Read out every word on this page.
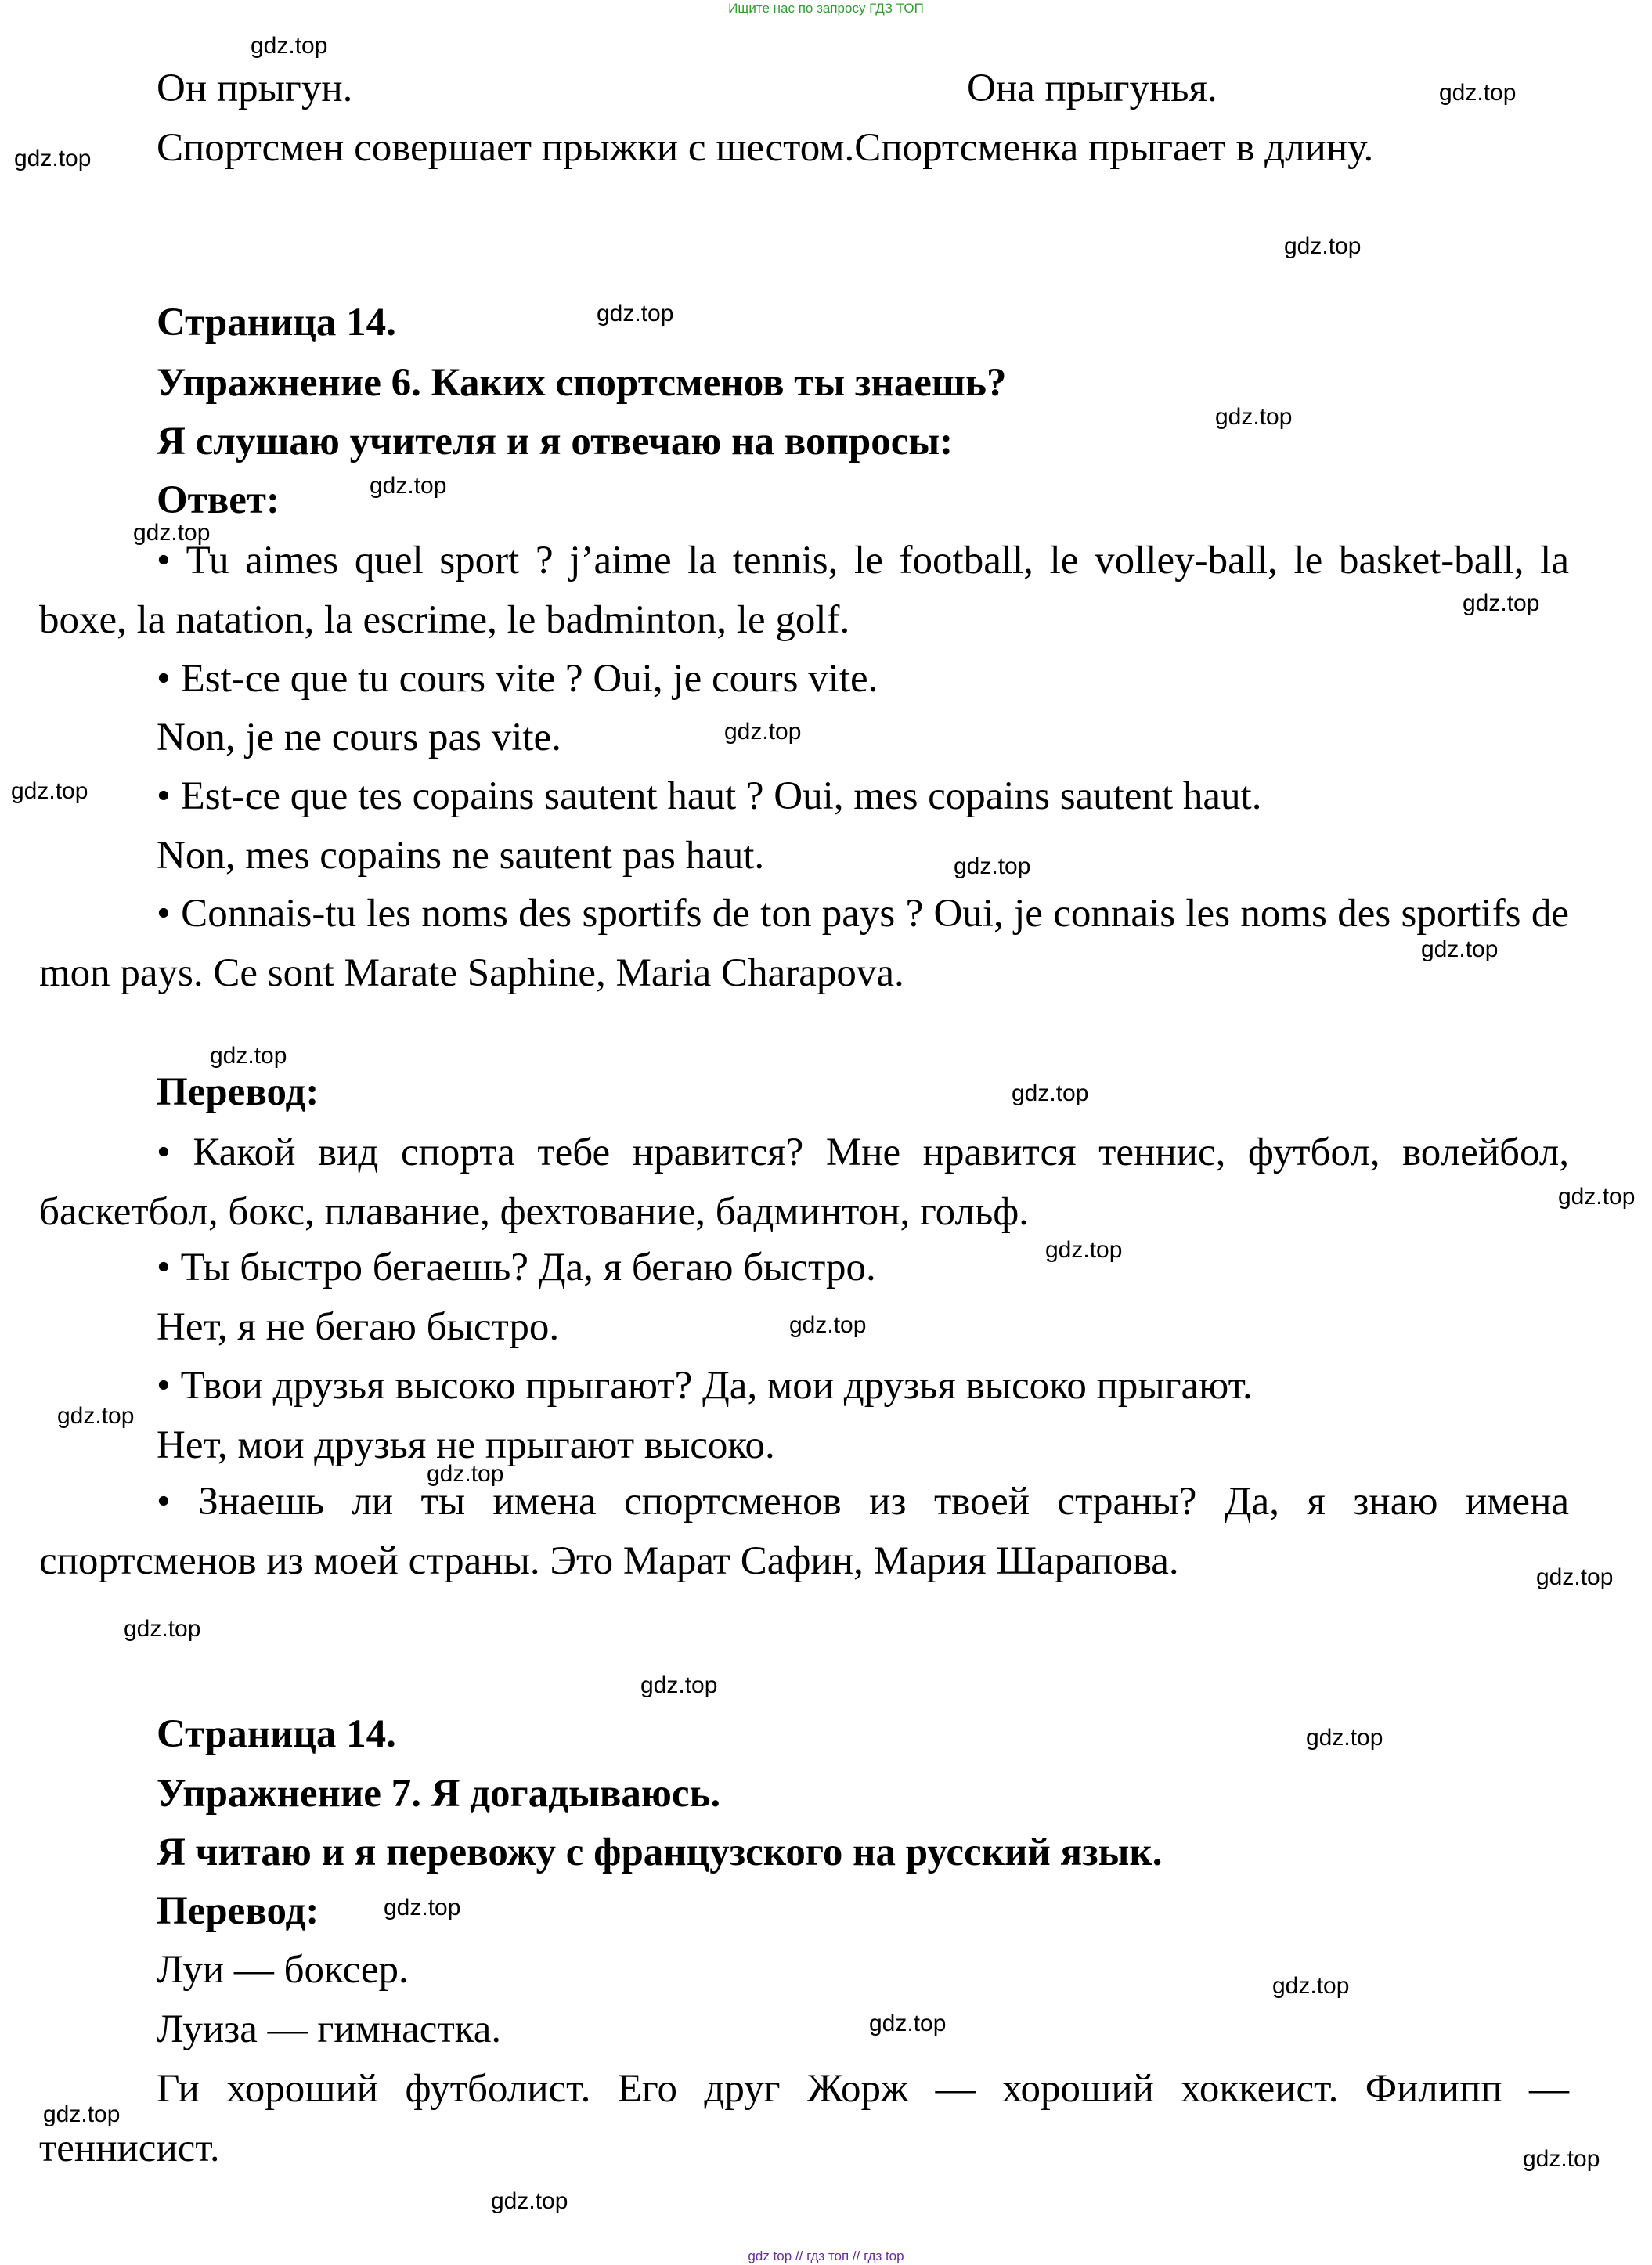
Ищите нас по запросу ГДЗ ТОП
Он прыгун.	Она прыгунья.
Спортсмен совершает прыжки с шестом.Спортсменка прыгает в длину.
Страница 14.
Упражнение 6. Каких спортсменов ты знаешь?
Я слушаю учителя и я отвечаю на вопросы:
Ответ:
• Tu aimes quel sport ? j’aime la tennis, le football, le volley-ball, le basket-ball, la boxe, la natation, la escrime, le badminton, le golf.
• Est-ce que tu cours vite ? Oui, je cours vite.
Non, je ne cours pas vite.
• Est-ce que tes copains sautent haut ? Oui, mes copains sautent haut.
Non, mes copains ne sautent pas haut.
• Connais-tu les noms des sportifs de ton pays ? Oui, je connais les noms des sportifs de mon pays. Ce sont Marate Saphine, Maria Charapova.
Перевод:
• Какой вид спорта тебе нравится? Мне нравится теннис, футбол, волейбол, баскетбол, бокс, плавание, фехтование, бадминтон, гольф.
• Ты быстро бегаешь? Да, я бегаю быстро.
Нет, я не бегаю быстро.
• Твои друзья высоко прыгают? Да, мои друзья высоко прыгают.
Нет, мои друзья не прыгают высоко.
• Знаешь ли ты имена спортсменов из твоей страны? Да, я знаю имена спортсменов из моей страны. Это Марат Сафин, Мария Шарапова.
Страница 14.
Упражнение 7. Я догадываюсь.
Я читаю и я перевожу с французского на русский язык.
Перевод:
Луи — боксер.
Луиза — гимнастка.
Ги хороший футболист. Его друг Жорж — хороший хоккеист. Филипп — теннисист.
gdz.top
gdz.top
gdz.top
gdz.top
gdz.top
gdz.top
gdz.top
gdz.top
gdz.top
gdz.top
gdz.top
gdz.top
gdz.top
gdz.top
gdz.top
gdz.top
gdz.top
gdz.top
gdz.top
gdz.top
gdz.top
gdz.top
gdz.top
gdz.top
gdz.top
gdz.top
gdz.top
gdz.top
gdz.top
gdz.top
gdz top // гдз топ // гдз top
